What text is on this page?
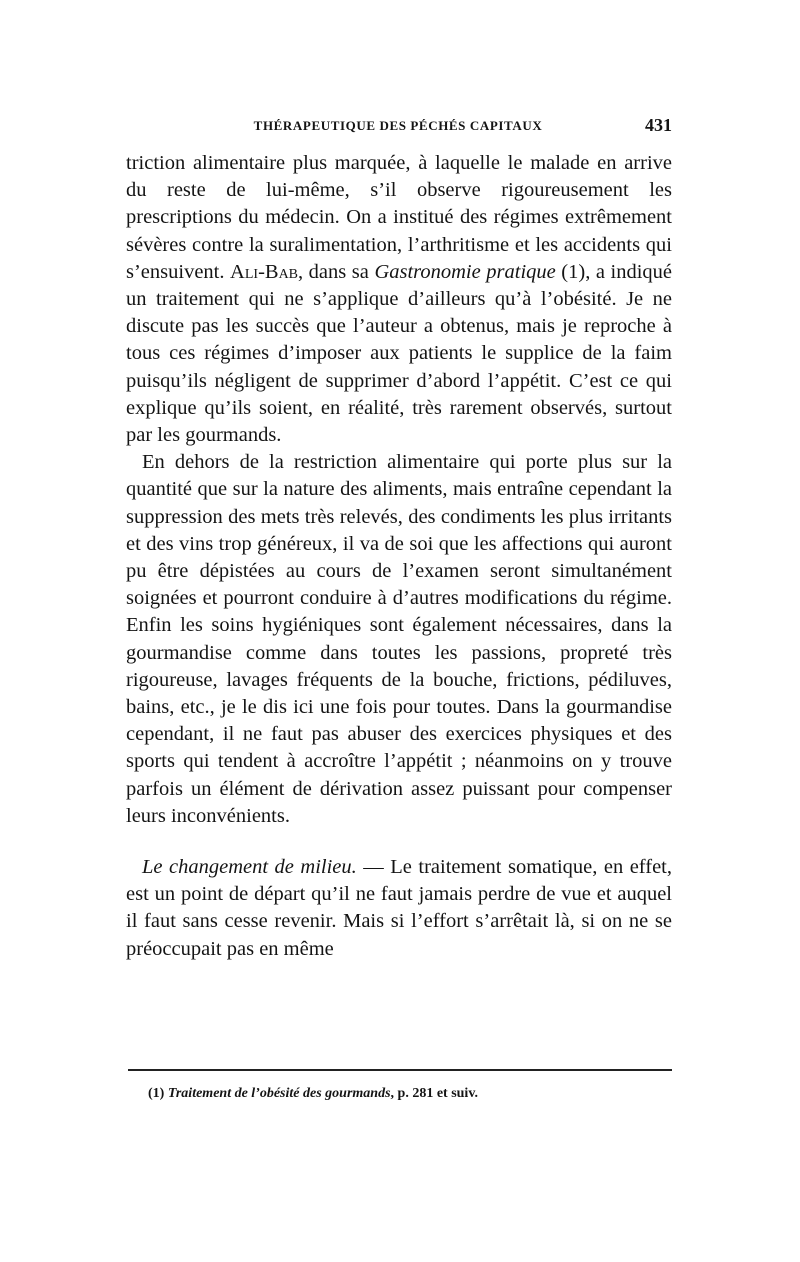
THÉRAPEUTIQUE DES PÉCHÉS CAPITAUX	431

triction alimentaire plus marquée, à laquelle le malade en arrive du reste de lui-même, s’il observe rigoureusement les prescriptions du médecin. On a institué des régimes extrêmement sévères contre la suralimentation, l’arthritisme et les accidents qui s’ensuivent. Ali-Bab, dans sa Gastronomie pratique (1), a indiqué un traitement qui ne s’applique d’ailleurs qu’à l’obésité. Je ne discute pas les succès que l’auteur a obtenus, mais je reproche à tous ces régimes d’imposer aux patients le supplice de la faim puisqu’ils négligent de supprimer d’abord l’appétit. C’est ce qui explique qu’ils soient, en réalité, très rarement observés, surtout par les gourmands.

En dehors de la restriction alimentaire qui porte plus sur la quantité que sur la nature des aliments, mais entraîne cependant la suppression des mets très relevés, des condiments les plus irritants et des vins trop généreux, il va de soi que les affections qui auront pu être dépistées au cours de l’examen seront simultanément soignées et pourront conduire à d’autres modifications du régime. Enfin les soins hygiéniques sont également nécessaires, dans la gourmandise comme dans toutes les passions, propreté très rigoureuse, lavages fréquents de la bouche, frictions, pédiluves, bains, etc., je le dis ici une fois pour toutes. Dans la gourmandise cependant, il ne faut pas abuser des exercices physiques et des sports qui tendent à accroître l’appétit ; néanmoins on y trouve parfois un élément de dérivation assez puissant pour compenser leurs inconvénients.

Le changement de milieu. — Le traitement somatique, en effet, est un point de départ qu’il ne faut jamais perdre de vue et auquel il faut sans cesse revenir. Mais si l’effort s’arrêtait là, si on ne se préoccupait pas en même

(1) Traitement de l’obésité des gourmands, p. 281 et suiv.
